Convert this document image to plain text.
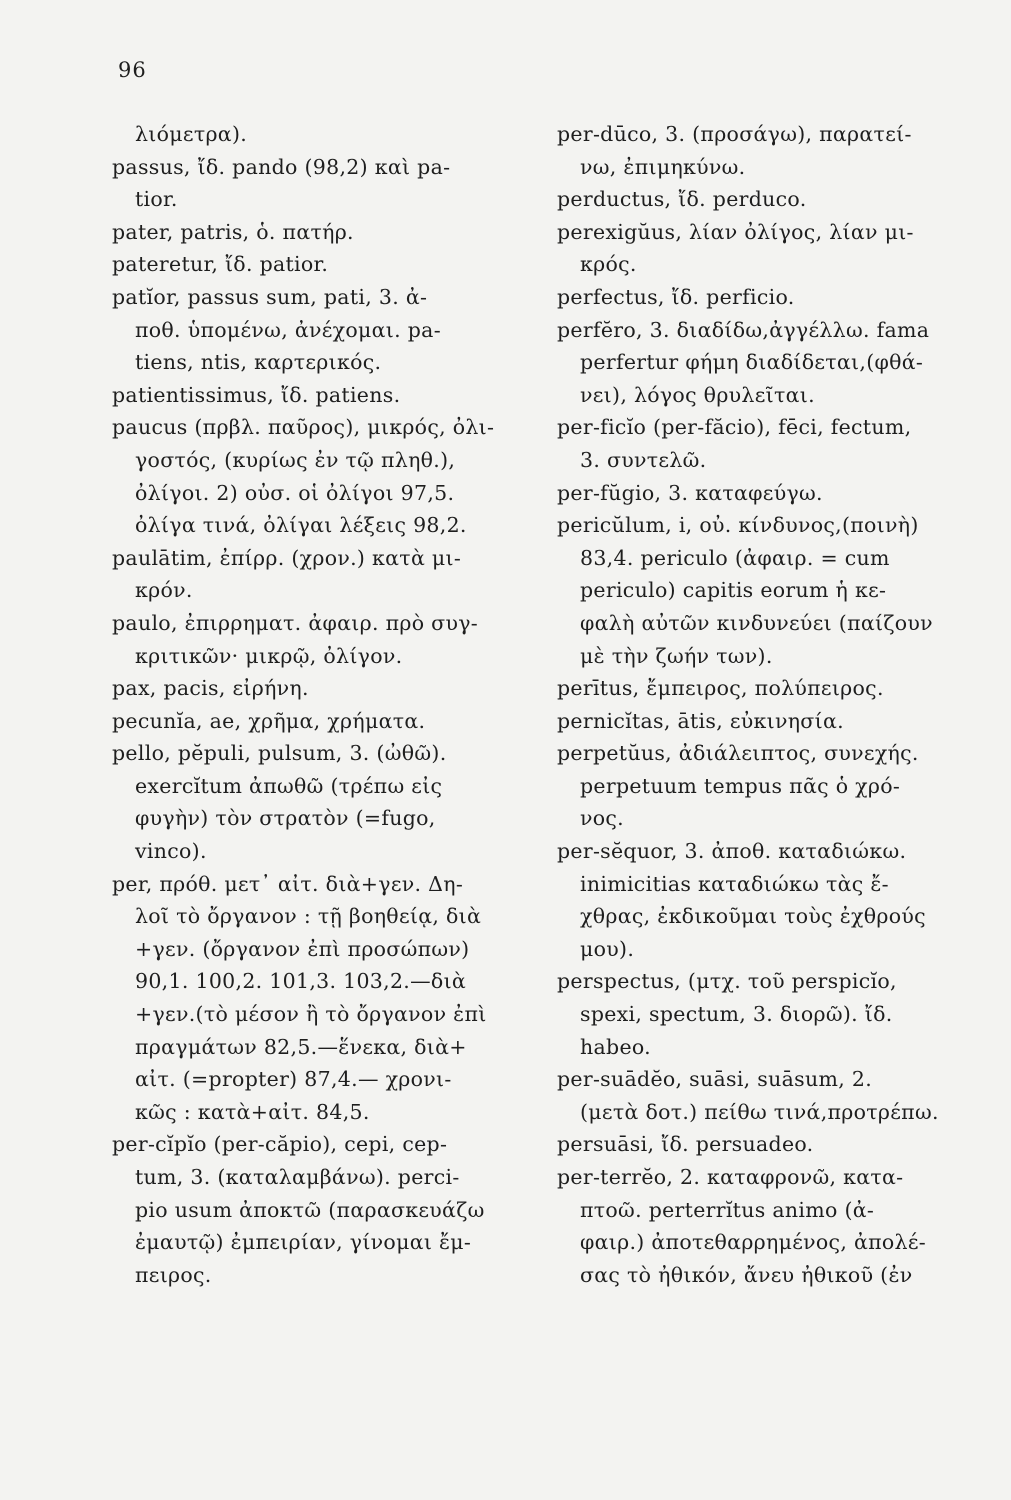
96
λιόμετρα).
passus, ἴδ. pando (98,2) καὶ pa-
tior.
pater, patris, ὁ. πατήρ.
pateretur, ἴδ. patior.
patĭor, passus sum, pati, 3. ἀ-
ποθ. ὑπομένω, ἀνέχομαι. pa-
tiens, ntis, καρτερικός.
patientissimus, ἴδ. patiens.
paucus (πρβλ. παῦρος), μικρός, ὀλι-
γοστός, (κυρίως ἐν τῷ πληθ.),
ὀλίγοι. 2) οὐσ. οἱ ὀλίγοι 97,5.
ὀλίγα τινά, ὀλίγαι λέξεις 98,2.
paulātim, ἐπίρρ. (χρον.) κατὰ μι-
κρόν.
paulo, ἐπιρρηματ. ἀφαιρ. πρὸ συγ-
κριτικῶν· μικρῷ, ὀλίγον.
pax, pacis, εἰρήνη.
pecunĭa, ae, χρῆμα, χρήματα.
pello, pĕpuli, pulsum, 3. (ὠθῶ).
exercĭtum ἀπωθῶ (τρέπω εἰς
φυγὴν) τὸν στρατὸν (=fugo,
vinco).
per, πρόθ. μετ᾽ αἰτ. διὰ+γεν. Δη-
λοῖ τὸ ὄργανον : τῇ βοηθείᾳ, διὰ
+γεν. (ὄργανον ἐπὶ προσώπων)
90,1. 100,2. 101,3. 103,2.—διὰ
+γεν.(τὸ μέσον ἢ τὸ ὄργανον ἐπὶ
πραγμάτων 82,5.—ἕνεκα, διὰ+
αἰτ. (=propter) 87,4.— χρονι-
κῶς : κατὰ+αἰτ. 84,5.
per-cĭpĭo (per-căpio), cepi, cep-
tum, 3. (καταλαμβάνω). perci-
pio usum ἀποκτῶ (παρασκευάζω
ἐμαυτῷ) ἐμπειρίαν, γίνομαι ἔμ-
πειρος.
per-dūco, 3. (προσάγω), παρατεί-
νω, ἐπιμηκύνω.
perductus, ἴδ. perduco.
perexigŭus, λίαν ὀλίγος, λίαν μι-
κρός.
perfectus, ἴδ. perficio.
perfĕro, 3. διαδίδω,ἀγγέλλω. fama
perfertur φήμη διαδίδεται,(φθά-
νει), λόγος θρυλεῖται.
per-ficĭo (per-făcio), fēci, fectum,
3. συντελῶ.
per-fŭgio, 3. καταφεύγω.
pericŭlum, i, οὐ. κίνδυνος,(ποινὴ)
83,4. periculo (ἀφαιρ. = cum
periculo) capitis eorum ἡ κε-
φαλὴ αὐτῶν κινδυνεύει (παίζουν
μὲ τὴν ζωήν των).
perītus, ἔμπειρος, πολύπειρος.
pernicĭtas, ātis, εὐκινησία.
perpetŭus, ἀδιάλειπτος, συνεχής.
perpetuum tempus πᾶς ὁ χρό-
νος.
per-sĕquor, 3. ἀποθ. καταδιώκω.
inimicitias καταδιώκω τὰς ἔ-
χθρας, ἐκδικοῦμαι τοὺς ἐχθρούς
μου).
perspectus, (μτχ. τοῦ perspicĭo,
spexi, spectum, 3. διορῶ). ἴδ.
habeo.
per-suādĕo, suāsi, suāsum, 2.
(μετὰ δοτ.) πείθω τινά,προτρέπω.
persuāsi, ἴδ. persuadeo.
per-terrĕo, 2. καταφρονῶ, κατα-
πτοῶ. perterrĭtus animo (ἀ-
φαιρ.) ἀποτεθαρρημένος, ἀπολέ-
σας τὸ ἠθικόν, ἄνευ ἠθικοῦ (ἐν
